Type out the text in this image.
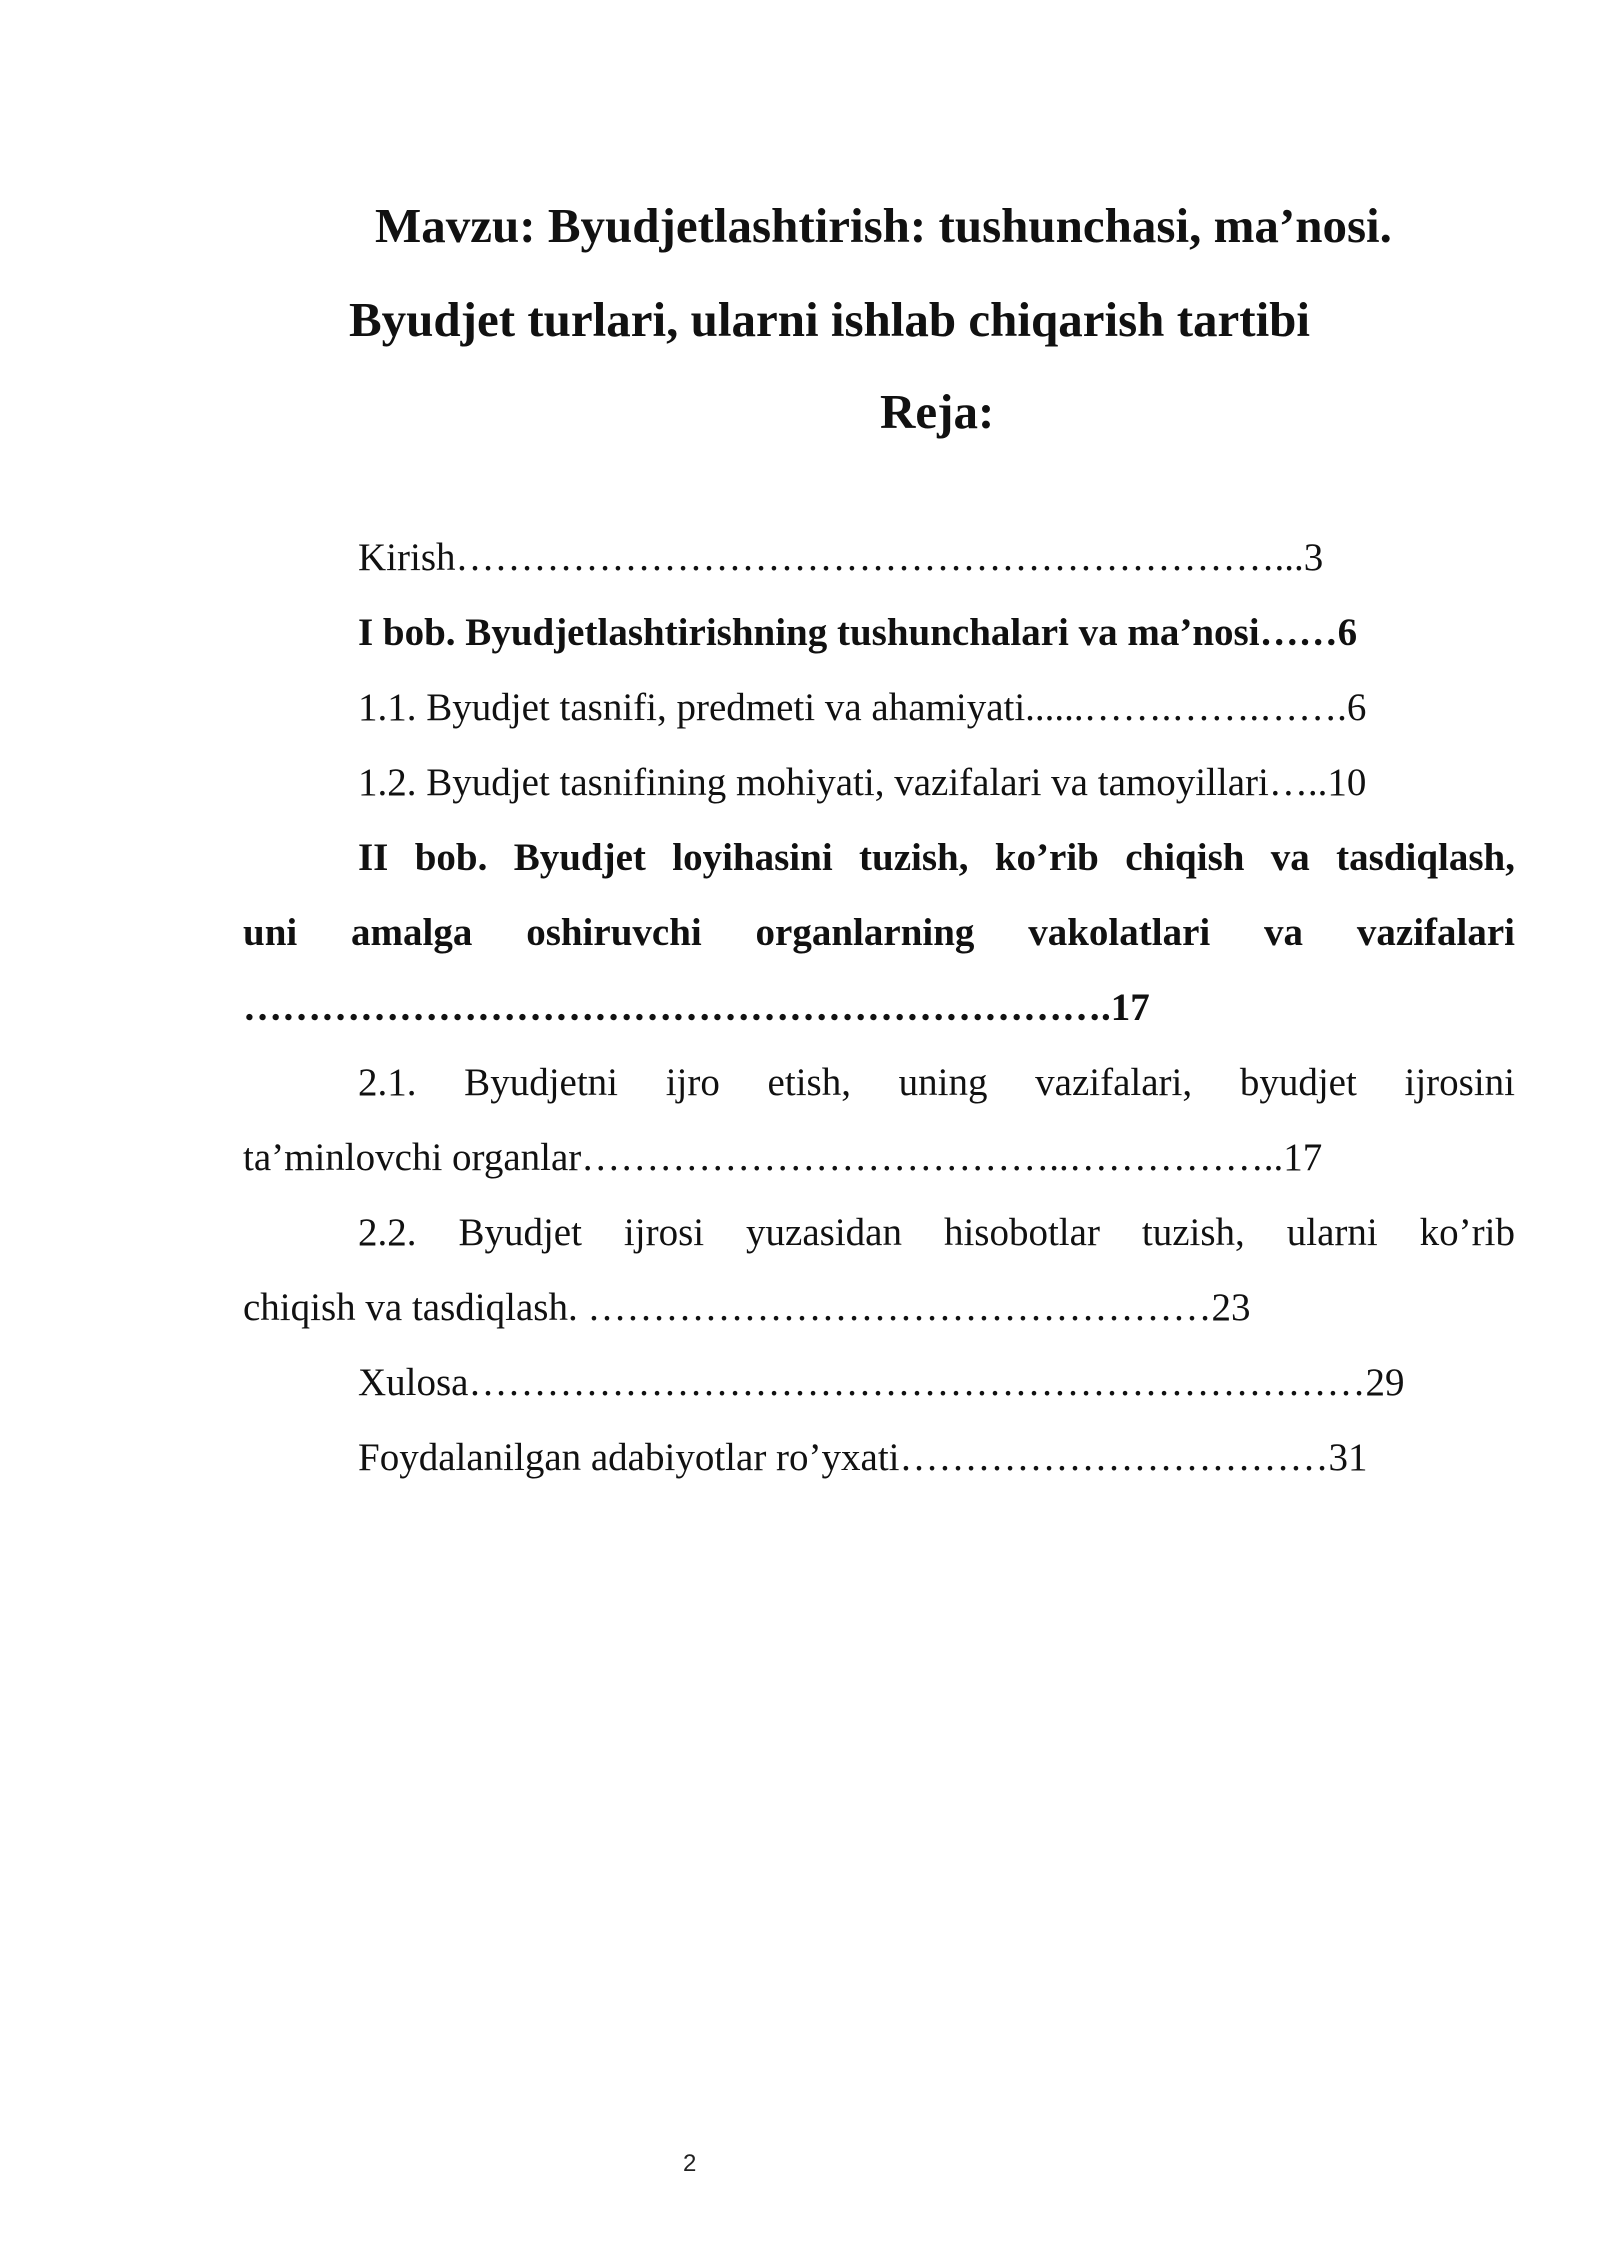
Mavzu: Byudjetlashtirish: tushunchasi, ma’nosi.
Byudjet turlari, ularni ishlab chiqarish tartibi
Reja:
Kirish………………………………………………………...3
I bob. Byudjetlashtirishning tushunchalari va ma’nosi……6
1.1. Byudjet tasnifi, predmeti va ahamiyati......…….…….…….6
1.2. Byudjet tasnifining mohiyati, vazifalari va tamoyillari…..10
II bob. Byudjet loyihasini tuzish, ko’rib chiqish va tasdiqlash,
uni amalga oshiruvchi organlarning vakolatlari va vazifalari
………………………………………………………….17
2.1. Byudjetni ijro etish, uning vazifalari, byudjet ijrosini
ta’minlovchi organlar………………………………..……………..17
2.2. Byudjet ijrosi yuzasidan hisobotlar tuzish, ularni ko’rib
chiqish va tasdiqlash. …………………………………………23
Xulosa……………………………………………………………29
Foydalanilgan adabiyotlar ro’yxati……………………………31
2
